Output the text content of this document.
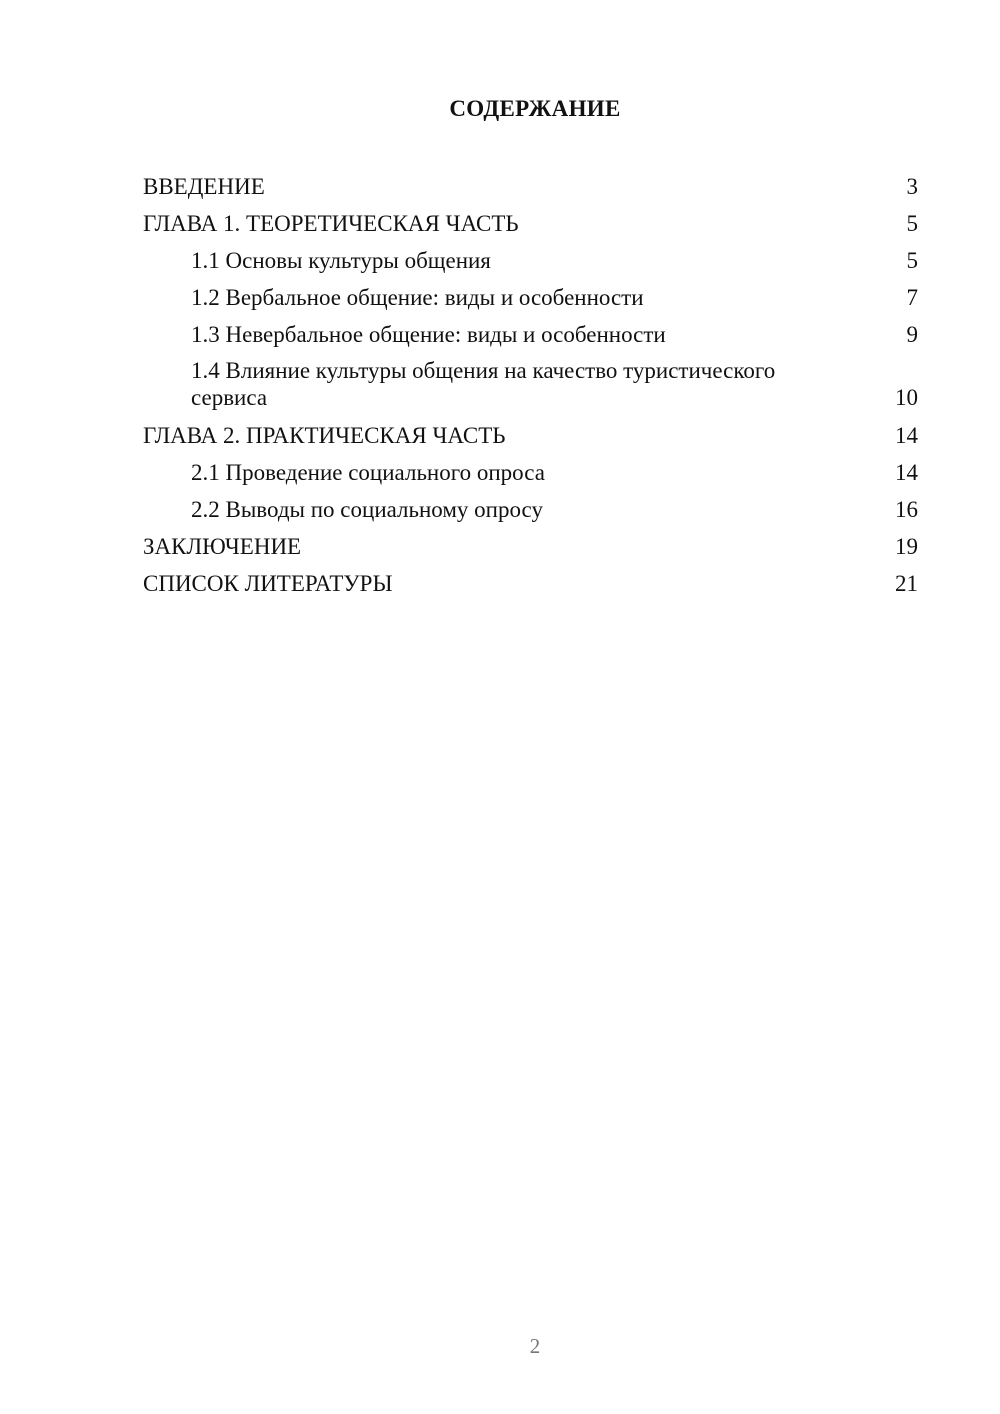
СОДЕРЖАНИЕ
ВВЕДЕНИЕ	3
ГЛАВА 1. ТЕОРЕТИЧЕСКАЯ ЧАСТЬ	5
1.1 Основы культуры общения	5
1.2 Вербальное общение: виды и особенности	7
1.3 Невербальное общение: виды и особенности	9
1.4 Влияние культуры общения на качество туристического сервиса	10
ГЛАВА 2. ПРАКТИЧЕСКАЯ ЧАСТЬ	14
2.1 Проведение социального опроса	14
2.2 Выводы по социальному опросу	16
ЗАКЛЮЧЕНИЕ	19
СПИСОК ЛИТЕРАТУРЫ	21
2
